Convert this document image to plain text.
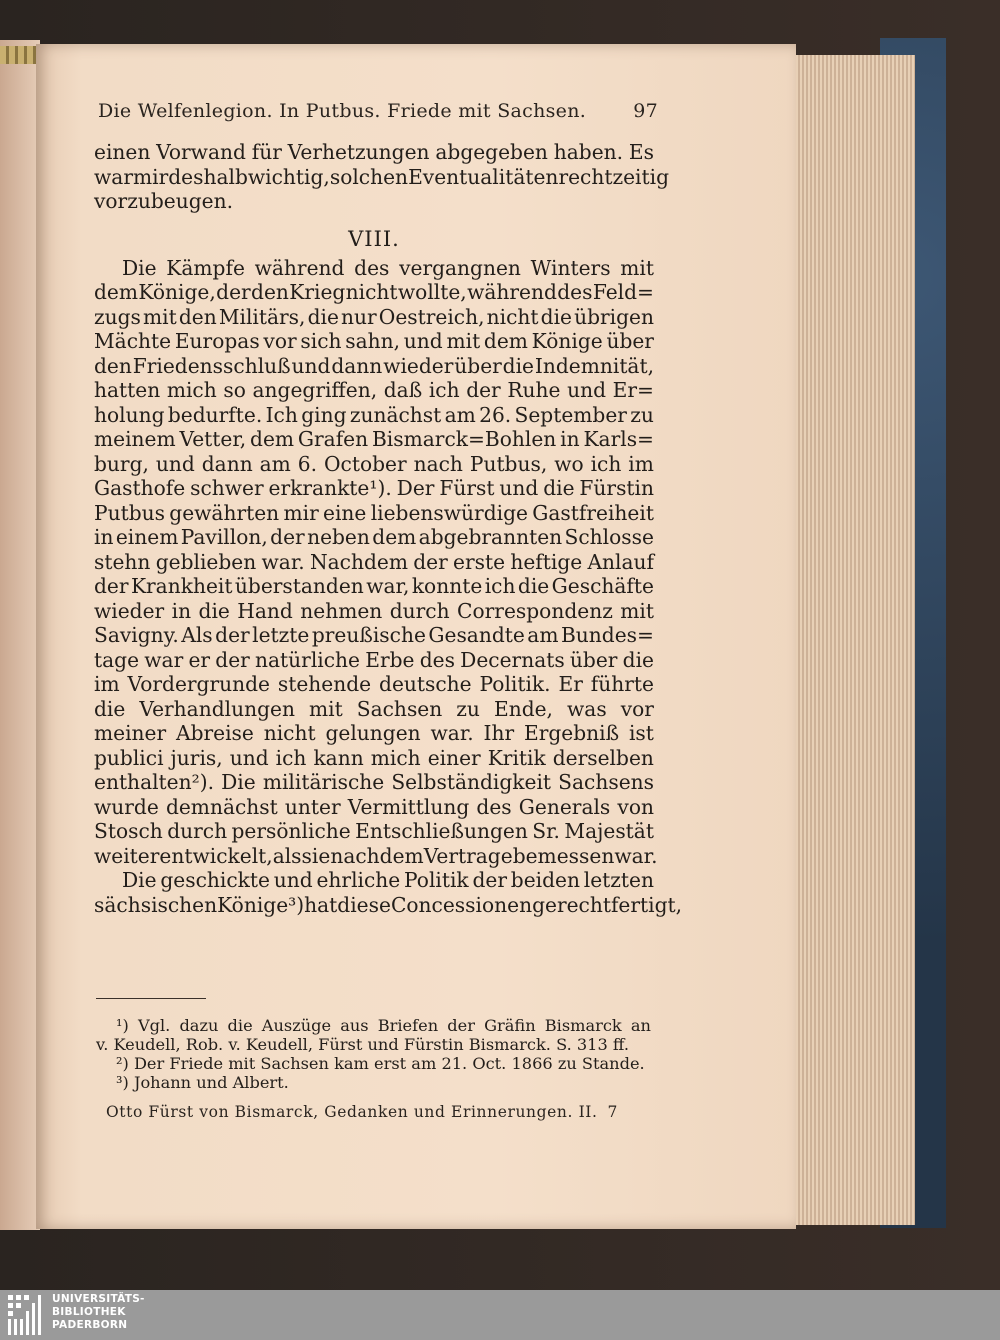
Die Welfenlegion. In Putbus. Friede mit Sachsen. 97
einen Vorwand für Verhetzungen abgegeben haben. Es
war mir deshalb wichtig, solchen Eventualitäten rechtzeitig
vorzubeugen.
VIII.
Die Kämpfe während des vergangnen Winters mit
dem Könige, der den Krieg nicht wollte, während des Feld=
zugs mit den Militärs, die nur Oestreich, nicht die übrigen
Mächte Europas vor sich sahn, und mit dem Könige über
den Friedensschluß und dann wieder über die Indemnität,
hatten mich so angegriffen, daß ich der Ruhe und Er=
holung bedurfte. Ich ging zunächst am 26. September zu
meinem Vetter, dem Grafen Bismarck=Bohlen in Karls=
burg, und dann am 6. October nach Putbus, wo ich im
Gasthofe schwer erkrankte¹). Der Fürst und die Fürstin
Putbus gewährten mir eine liebenswürdige Gastfreiheit
in einem Pavillon, der neben dem abgebrannten Schlosse
stehn geblieben war. Nachdem der erste heftige Anlauf
der Krankheit überstanden war, konnte ich die Geschäfte
wieder in die Hand nehmen durch Correspondenz mit
Savigny. Als der letzte preußische Gesandte am Bundes=
tage war er der natürliche Erbe des Decernats über die
im Vordergrunde stehende deutsche Politik. Er führte
die Verhandlungen mit Sachsen zu Ende, was vor
meiner Abreise nicht gelungen war. Ihr Ergebniß ist
publici juris, und ich kann mich einer Kritik derselben
enthalten²). Die militärische Selbständigkeit Sachsens
wurde demnächst unter Vermittlung des Generals von
Stosch durch persönliche Entschließungen Sr. Majestät
weiter entwickelt, als sie nach dem Vertrage bemessen war.
Die geschickte und ehrliche Politik der beiden letzten
sächsischen Könige³) hat diese Concessionen gerechtfertigt,
¹) Vgl. dazu die Auszüge aus Briefen der Gräfin Bismarck an
v. Keudell, Rob. v. Keudell, Fürst und Fürstin Bismarck. S. 313 ff.
²) Der Friede mit Sachsen kam erst am 21. Oct. 1866 zu Stande.
³) Johann und Albert.
Otto Fürst von Bismarck, Gedanken und Erinnerungen. II. 7
UNIVERSITÄTS-
BIBLIOTHEK
PADERBORN
